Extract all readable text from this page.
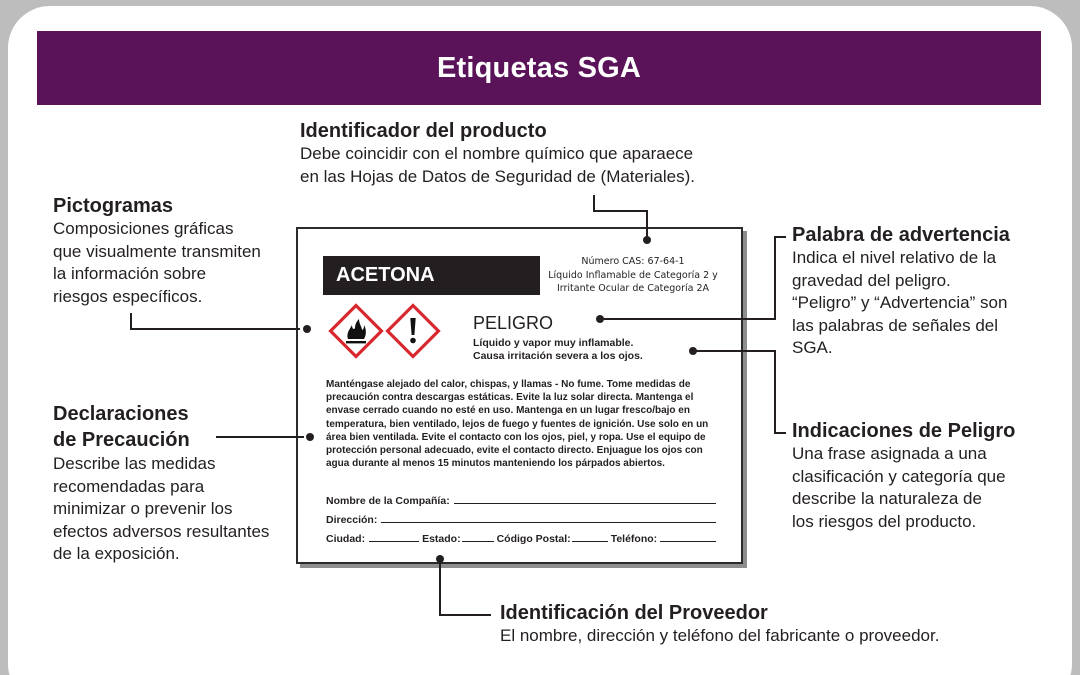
Etiquetas SGA
Identificador del producto

Debe coincidir con el nombre químico que aparaece

en las Hojas de Datos de Seguridad de (Materiales).

Pictogramas

Composiciones gráficas

que visualmente transmiten

la información sobre

riesgos específicos.

Declaraciones
de Precaución

Describe las medidas

recomendadas para

minimizar o prevenir los

efectos adversos resultantes

de la exposición.

Palabra de advertencia

Indica el nivel relativo de la

gravedad del peligro.

“Peligro” y “Advertencia” son

las palabras de señales del

SGA.

Indicaciones de Peligro

Una frase asignada a una

clasificación y categoría que

describe la naturaleza de

los riesgos del producto.

Identificación del Proveedor

El nombre, dirección y teléfono del fabricante o proveedor.

ACETONA
Número CAS: 67-64-1
Líquido Inflamable de Categoría 2 y
Irritante Ocular de Categoría 2A
PELIGRO
Líquido y vapor muy inflamable.
Causa irritación severa a los ojos.
Manténgase alejado del calor, chispas, y llamas - No fume. Tome medidas de precaución contra descargas estáticas. Evite la luz solar directa. Mantenga el envase cerrado cuando no esté en uso. Mantenga en un lugar fresco/bajo en temperatura, bien ventilado, lejos de fuego y fuentes de ignición. Use solo en un área bien ventilada. Evite el contacto con los ojos, piel, y ropa. Use el equipo de protección personal adecuado, evite el contacto directo. Enjuague los ojos con agua durante al menos 15 minutos manteniendo los párpados abiertos.
Nombre de la Compañía:
Dirección:
Ciudad:	Estado:	Código Postal:	Teléfono:
